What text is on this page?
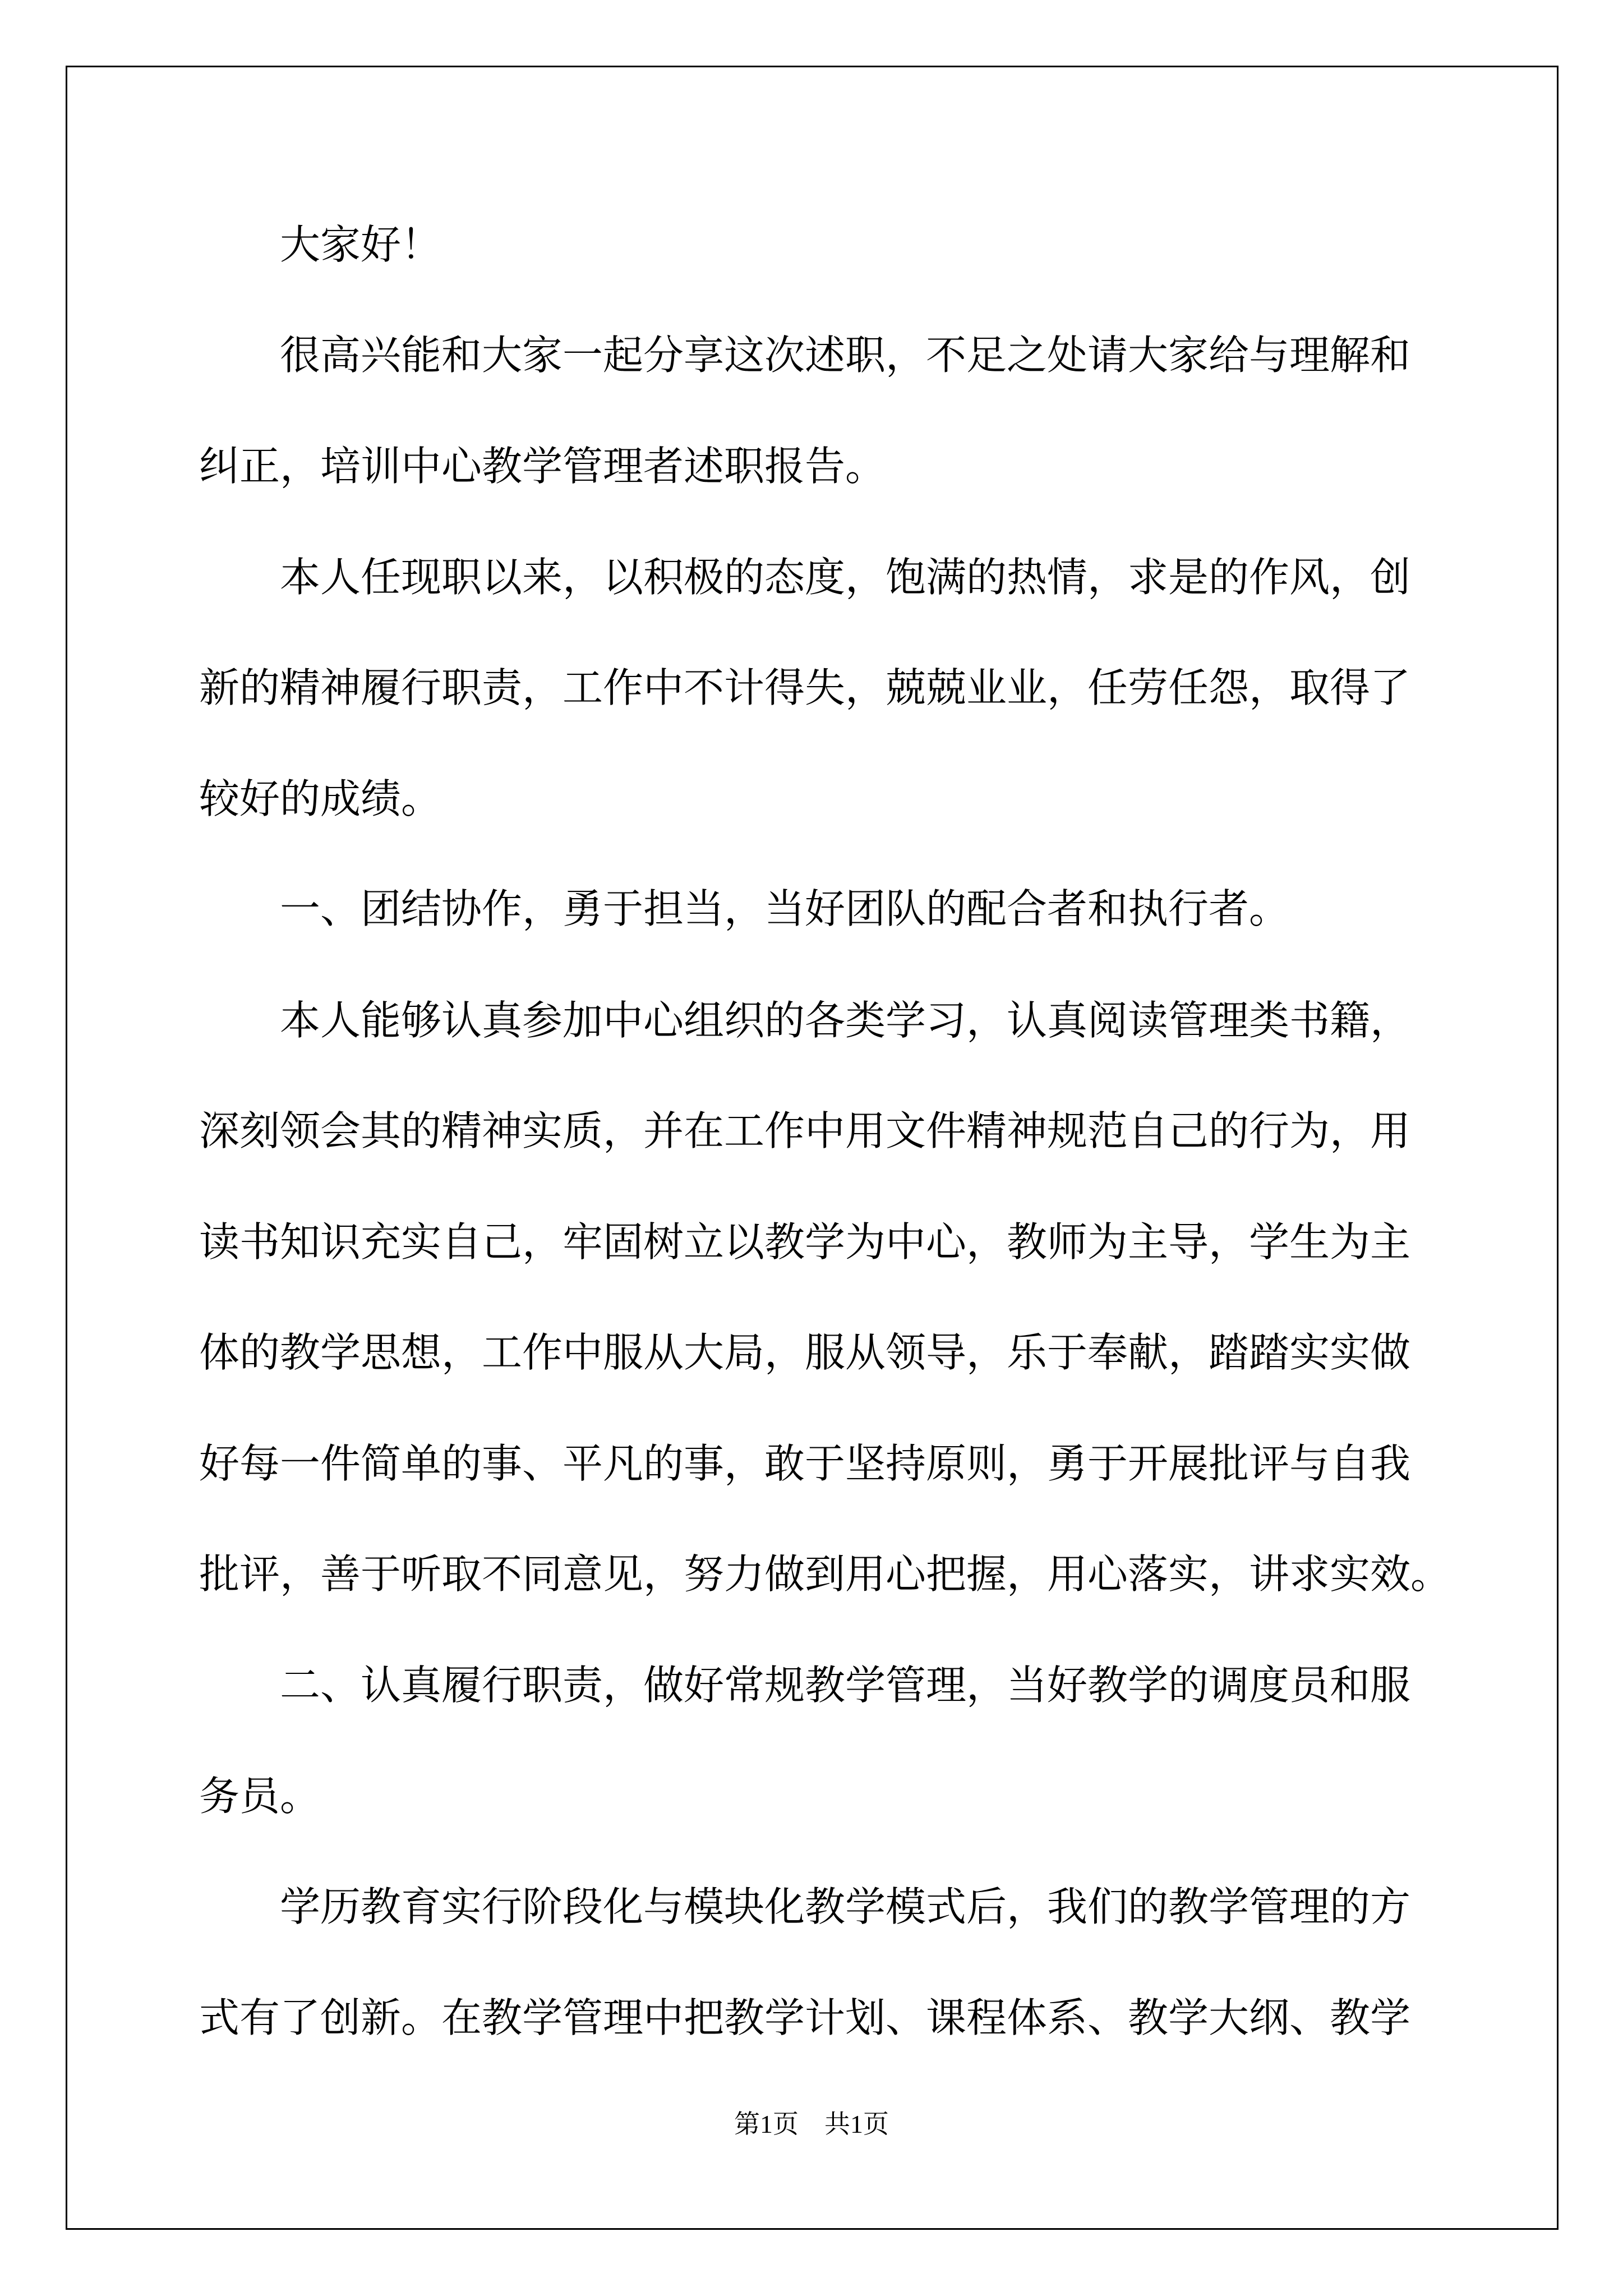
　　大家好！
　　很高兴能和大家一起分享这次述职，不足之处请大家给与理解和
纠正，培训中心教学管理者述职报告。
　　本人任现职以来，以积极的态度，饱满的热情，求是的作风，创
新的精神履行职责，工作中不计得失，兢兢业业，任劳任怨，取得了
较好的成绩。
　　一、团结协作，勇于担当，当好团队的配合者和执行者。
　　本人能够认真参加中心组织的各类学习，认真阅读管理类书籍，
深刻领会其的精神实质，并在工作中用文件精神规范自己的行为，用
读书知识充实自己，牢固树立以教学为中心，教师为主导，学生为主
体的教学思想，工作中服从大局，服从领导，乐于奉献，踏踏实实做
好每一件简单的事、平凡的事，敢于坚持原则，勇于开展批评与自我
批评，善于听取不同意见，努力做到用心把握，用心落实，讲求实效。
　　二、认真履行职责，做好常规教学管理，当好教学的调度员和服
务员。
　　学历教育实行阶段化与模块化教学模式后，我们的教学管理的方
式有了创新。在教学管理中把教学计划、课程体系、教学大纲、教学
第1页　共1页
